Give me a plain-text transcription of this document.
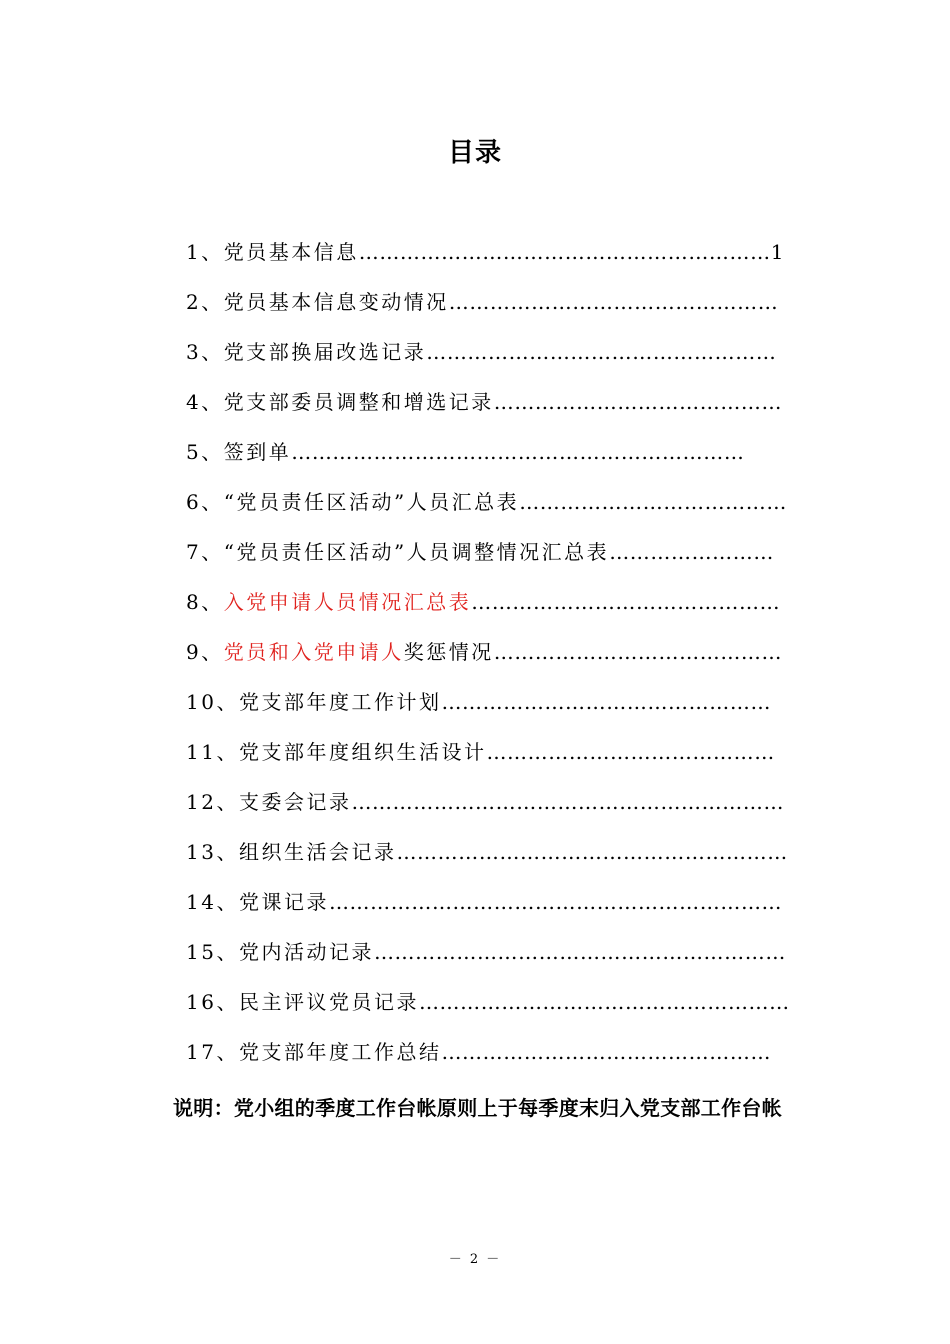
目录
1、党员基本信息……………………………………………………1
2、党员基本信息变动情况…………………………………………
3、党支部换届改选记录……………………………………………
4、党支部委员调整和增选记录……………………………………
5、签到单…………………………………………………………
6、“党员责任区活动”人员汇总表…………………………………
7、“党员责任区活动”人员调整情况汇总表……………………
8、入党申请人员情况汇总表………………………………………
9、党员和入党申请人奖惩情况……………………………………
10、党支部年度工作计划…………………………………………
11、党支部年度组织生活设计……………………………………
12、支委会记录………………………………………………………
13、组织生活会记录…………………………………………………
14、党课记录…………………………………………………………
15、党内活动记录……………………………………………………
16、民主评议党员记录………………………………………………
17、党支部年度工作总结…………………………………………
说明：党小组的季度工作台帐原则上于每季度末归入党支部工作台帐
－ 2 －
